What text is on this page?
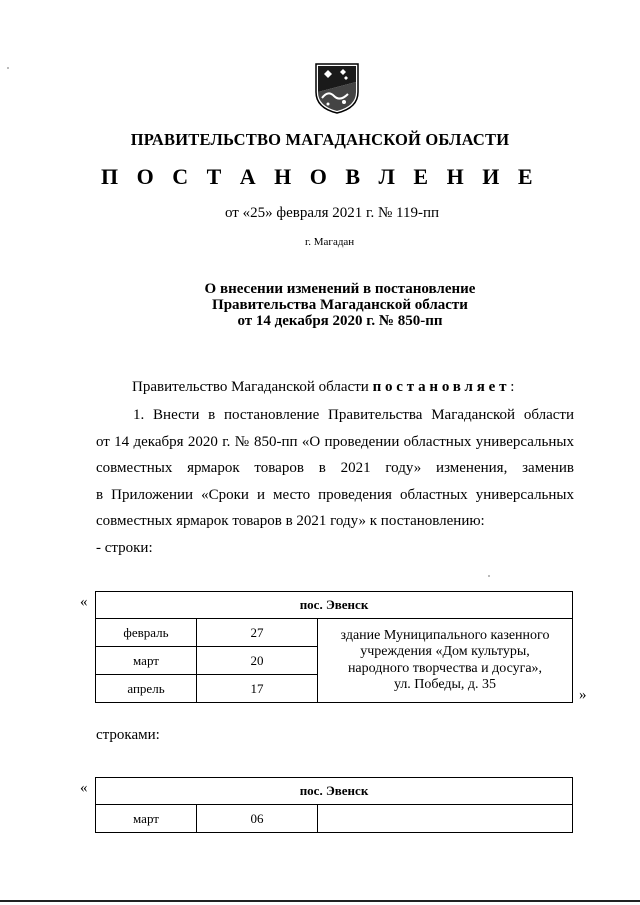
ПРАВИТЕЛЬСТВО МАГАДАНСКОЙ ОБЛАСТИ
П О С Т А Н О В Л Е Н И Е
от «25» февраля 2021 г. № 119-пп
г. Магадан
О внесении изменений в постановление
Правительства Магаданской области
от 14 декабря 2020 г. № 850-пп
Правительство Магаданской области постановляет:
1. Внести в постановление Правительства Магаданской области
от 14 декабря 2020 г. № 850-пп «О проведении областных универсальных
совместных ярмарок товаров в 2021 году» изменения, заменив
в Приложении «Сроки и место проведения областных универсальных
совместных ярмарок товаров в 2021 году» к постановлению:
- строки:
«	пос. Эвенск		
февраль	27	здание Муниципального казенного
учреждения «Дом культуры,
народного творчества и досуга»,
ул. Победы, д. 35

март	20	
апрель	17		»
строками:
«	пос. Эвенск
март	06	
